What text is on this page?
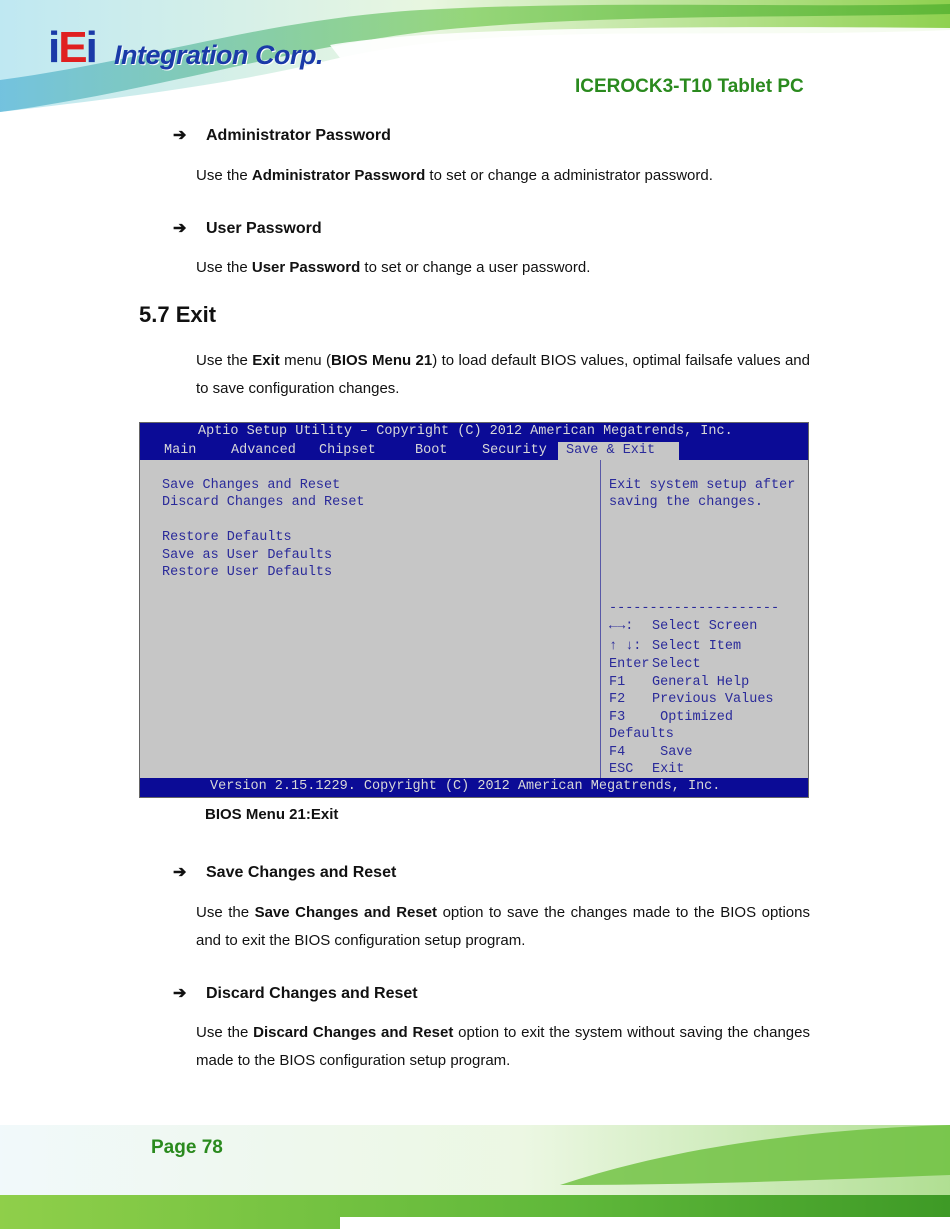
iEi Integration Corp.
ICEROCK3-T10 Tablet PC
➔ Administrator Password
Use the Administrator Password to set or change a administrator password.
➔ User Password
Use the User Password to set or change a user password.
5.7 Exit
Use the Exit menu (BIOS Menu 21) to load default BIOS values, optimal failsafe values and to save configuration changes.
Aptio Setup Utility – Copyright (C) 2012 American Megatrends, Inc.
Main	Advanced Chipset	Boot	Security	Save & Exit
Save Changes and Reset
Discard Changes and Reset
Restore Defaults
Save as User Defaults
Restore User Defaults
Exit system setup after
saving the changes.
---------------------
←→: Select Screen
↑ ↓: Select Item
Enter Select
F1 General Help
F2 Previous Values
F3 Optimized
Defaults
F4 Save
ESC Exit
Version 2.15.1229. Copyright (C) 2012 American Megatrends, Inc.
BIOS Menu 21:Exit
➔ Save Changes and Reset
Use the Save Changes and Reset option to save the changes made to the BIOS options and to exit the BIOS configuration setup program.
➔ Discard Changes and Reset
Use the Discard Changes and Reset option to exit the system without saving the changes made to the BIOS configuration setup program.
Page 78
